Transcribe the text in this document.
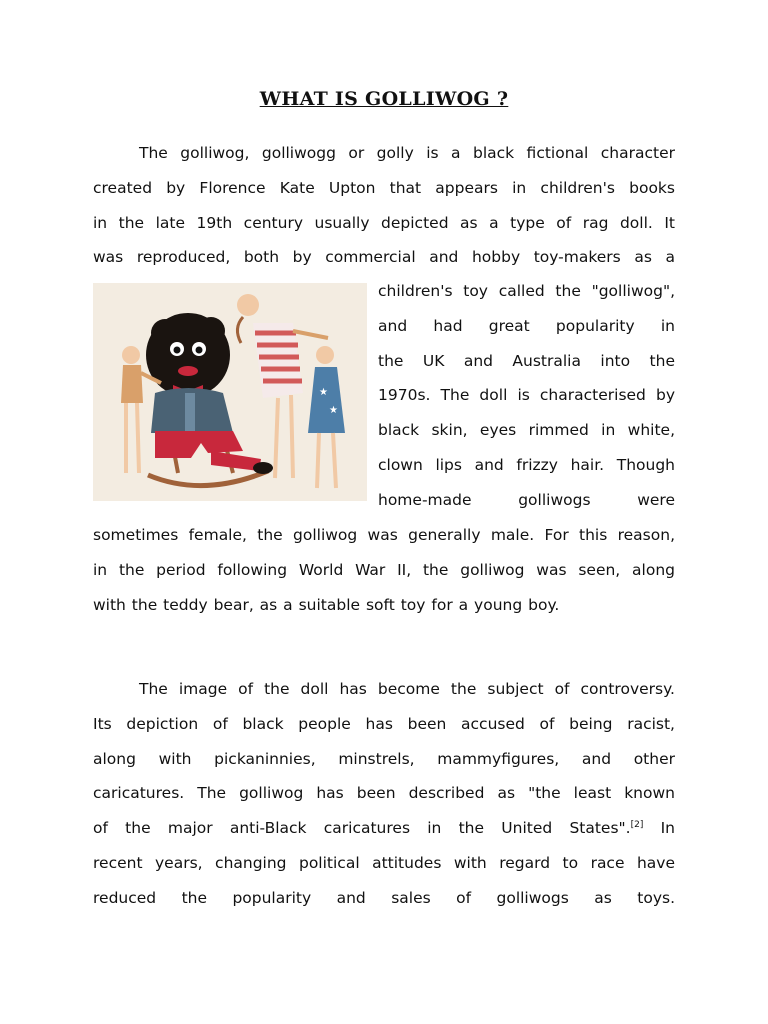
WHAT IS GOLLIWOG ?
The golliwog, golliwogg or golly is a black fictional character
created by Florence Kate Upton that appears in children's books
in the late 19th century usually depicted as a type of rag doll. It
was reproduced, both by commercial and hobby toy-makers as a
★
★
children's toy called the "golliwog",
and had great popularity in
the UK and Australia into the
1970s. The doll is characterised by
black skin, eyes rimmed in white,
clown lips and frizzy hair. Though
home-made golliwogs were
sometimes female, the golliwog was generally male. For this reason,
in the period following World War II, the golliwog was seen, along
with the teddy bear, as a suitable soft toy for a young boy.
The image of the doll has become the subject of controversy.
Its depiction of black people has been accused of being racist,
along with pickaninnies, minstrels, mammyfigures, and other
caricatures. The golliwog has been described as "the least known
of the major anti-Black caricatures in the United States".[2] In
recent years, changing political attitudes with regard to race have
reduced the popularity and sales of golliwogs as toys.
